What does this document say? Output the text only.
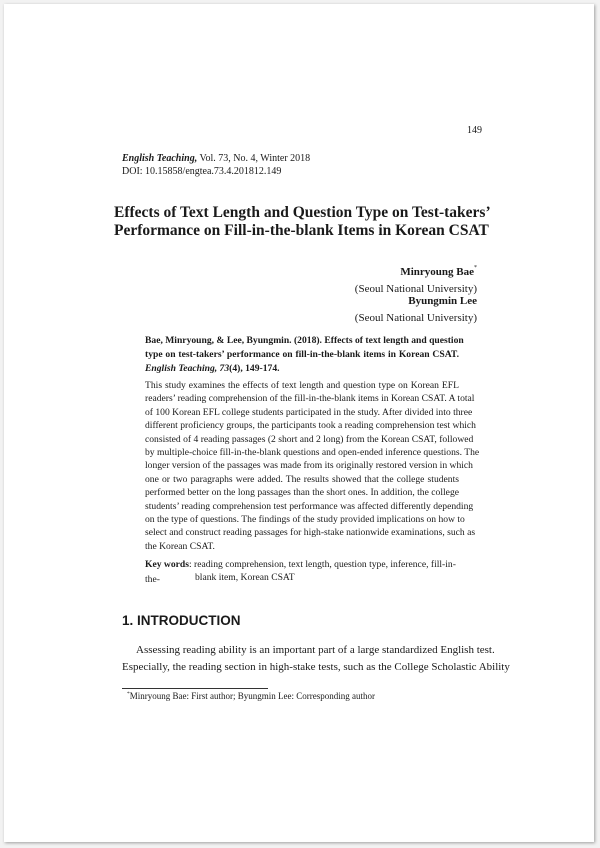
149
English Teaching, Vol. 73, No. 4, Winter 2018
DOI: 10.15858/engtea.73.4.201812.149
Effects of Text Length and Question Type on Test-takers’
Performance on Fill-in-the-blank Items in Korean CSAT
Minryoung Bae*
(Seoul National University)
Byungmin Lee
(Seoul National University)
Bae, Minryoung, & Lee, Byungmin. (2018). Effects of text length and question
type on test-takers’ performance on fill-in-the-blank items in Korean CSAT.
English Teaching, 73(4), 149-174.
This study examines the effects of text length and question type on Korean EFL
readers’ reading comprehension of the fill-in-the-blank items in Korean CSAT. A total
of 100 Korean EFL college students participated in the study. After divided into three
different proficiency groups, the participants took a reading comprehension test which
consisted of 4 reading passages (2 short and 2 long) from the Korean CSAT, followed
by multiple-choice fill-in-the-blank questions and open-ended inference questions. The
longer version of the passages was made from its originally restored version in which
one or two paragraphs were added. The results showed that the college students
performed better on the long passages than the short ones. In addition, the college
students’ reading comprehension test performance was affected differently depending
on the type of questions. The findings of the study provided implications on how to
select and construct reading passages for high-stake nationwide examinations, such as
the Korean CSAT.
Key words: reading comprehension, text length, question type, inference, fill-in-the-	blank item, Korean CSAT
1. INTRODUCTION
Assessing reading ability is an important part of a large standardized English test.
Especially, the reading section in high-stake tests, such as the College Scholastic Ability
*Minryoung Bae: First author; Byungmin Lee: Corresponding author
